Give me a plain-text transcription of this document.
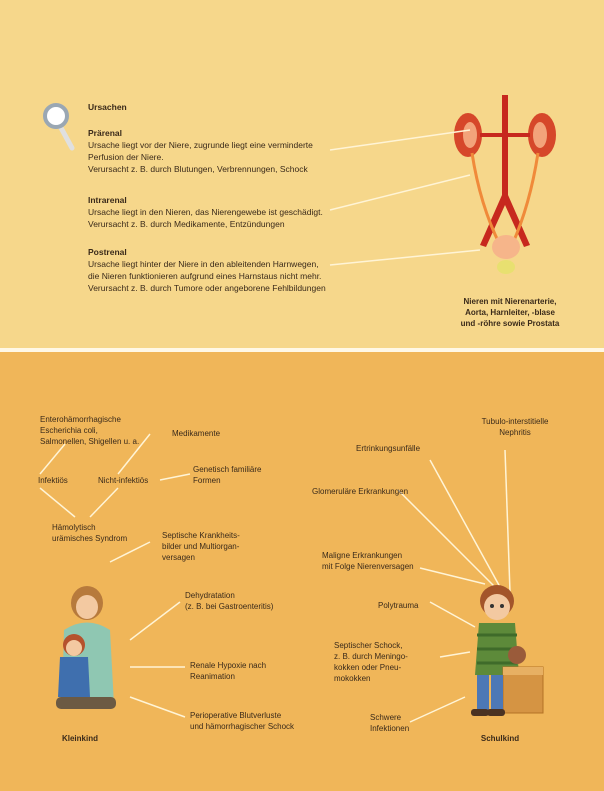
Ursachen
Prärenal
Ursache liegt vor der Niere, zugrunde liegt eine verminderte
Perfusion der Niere.
Verursacht z. B. durch Blutungen, Verbrennungen, Schock
Intrarenal
Ursache liegt in den Nieren, das Nierengewebe ist geschädigt.
Verursacht z. B. durch Medikamente, Entzündungen
Postrenal
Ursache liegt hinter der Niere in den ableitenden Harnwegen,
die Nieren funktionieren aufgrund eines Harnstaus nicht mehr.
Verursacht z. B. durch Tumore oder angeborene Fehlbildungen
Nieren mit Nierenarterie,
Aorta, Harnleiter, -blase
und -röhre sowie Prostata
Enterohämorrhagische
Escherichia coli,
Salmonellen, Shigellen u. a.
Medikamente
Infektiös	Nicht-infektiös
Genetisch familiäre
Formen
Hämolytisch
urämisches Syndrom	Septische Krankheits-
bilder und Multiorgan-
versagen
Dehydratation
(z. B. bei Gastroenteritis)
Renale Hypoxie nach
Reanimation
Perioperative Blutverluste
und hämorrhagischer Schock
Tubulo-interstitielle
Nephritis
Ertrinkungsunfälle
Glomeruläre Erkrankungen
Maligne Erkrankungen
mit Folge Nierenversagen
Polytrauma
Septischer Schock,
z. B. durch Meningo-
kokken oder Pneu-
mokokken
Schwere
Infektionen
Kleinkind	Schulkind
